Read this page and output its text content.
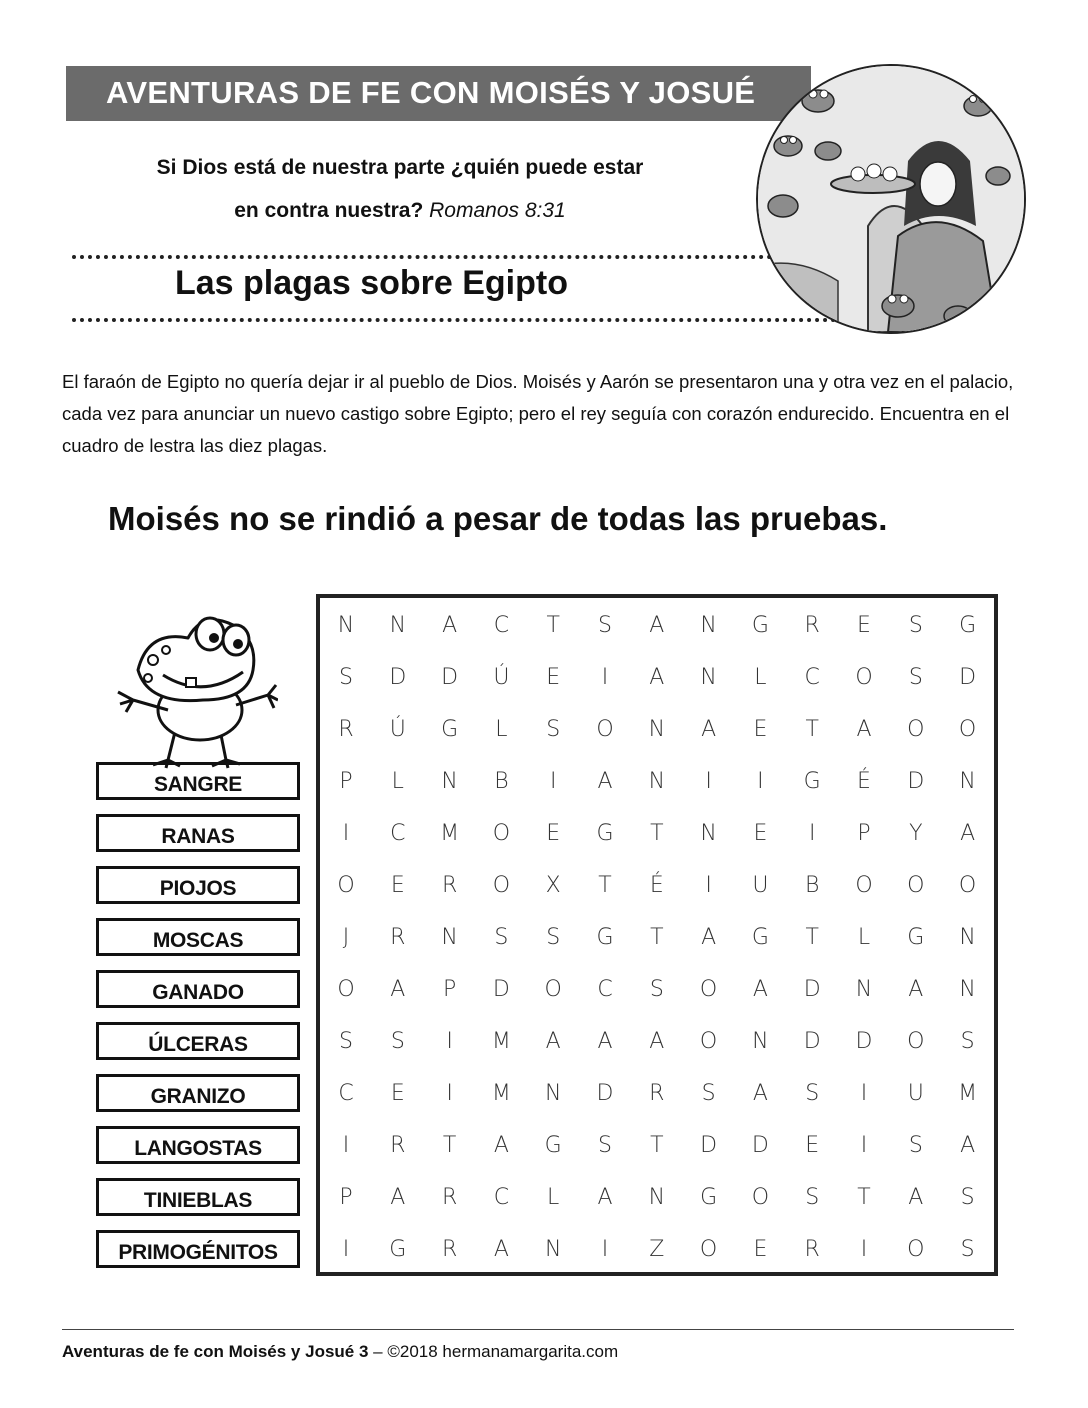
AVENTURAS DE FE CON MOISÉS Y JOSUÉ
Si Dios está de nuestra parte ¿quién puede estar
en contra nuestra? Romanos 8:31
Las plagas sobre Egipto

El faraón de Egipto no quería dejar ir al pueblo de Dios. Moisés y Aarón se presentaron una y otra vez en el palacio, cada vez para anunciar un nuevo castigo sobre Egipto; pero el rey seguía con corazón endurecido. Encuentra en el cuadro de lestra las diez plagas.

Moisés no se rindió a pesar de todas las pruebas.
SANGRE
RANAS
PIOJOS
MOSCAS
GANADO
ÚLCERAS
GRANIZO
LANGOSTAS
TINIEBLAS
PRIMOGÉNITOS
N	N	A	C	T	S	A	N	G	R	E	S	G
S	D	D	Ú	E	I	A	N	L	C	O	S	D
R	Ú	G	L	S	O	N	A	E	T	A	O	O
P	L	N	B	I	A	N	I	I	G	É	D	N
I	C	M	O	E	G	T	N	E	I	P	Y	A
O	E	R	O	X	T	É	I	U	B	O	O	O
J	R	N	S	S	G	T	A	G	T	L	G	N
O	A	P	D	O	C	S	O	A	D	N	A	N
S	S	I	M	A	A	A	O	N	D	D	O	S
C	E	I	M	N	D	R	S	A	S	I	U	M
I	R	T	A	G	S	T	D	D	E	I	S	A
P	A	R	C	L	A	N	G	O	S	T	A	S
I	G	R	A	N	I	Z	O	E	R	I	O	S
Aventuras de fe con Moisés y Josué 3 – ©2018 hermanamargarita.com
